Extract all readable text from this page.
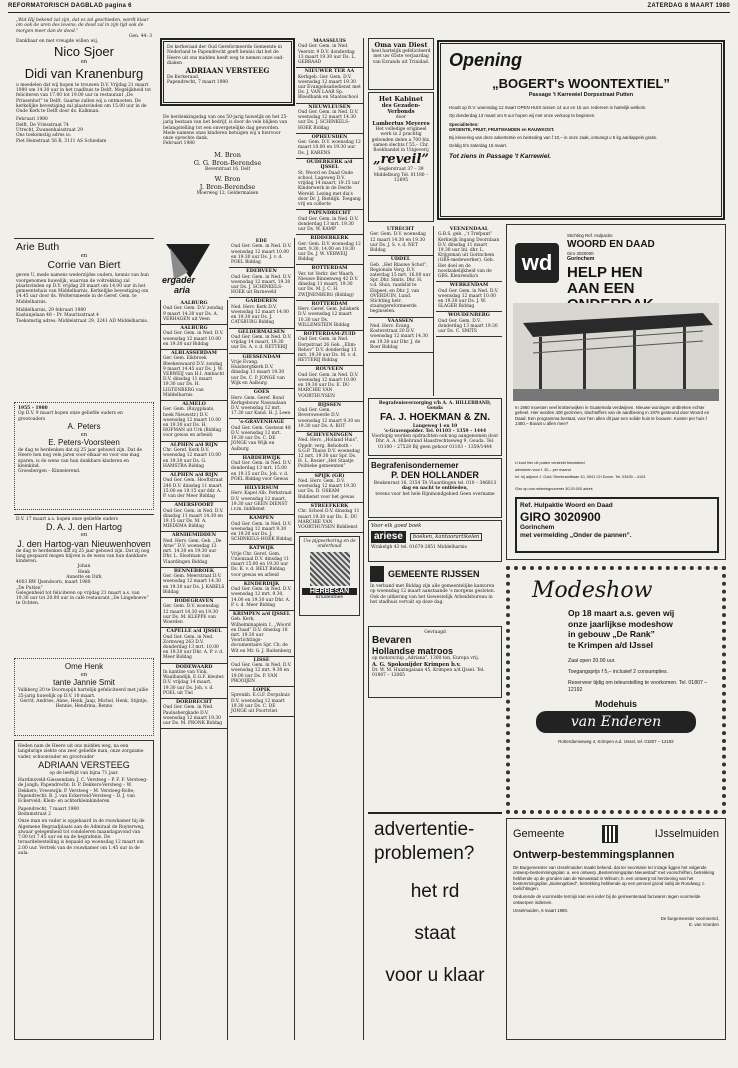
REFORMATORISCH DAGBLAD pagina 6	ZATERDAG 8 MAART 1980
„Wat Hij bekend zal zijn, dat es zal geschieden, wordt klaar om ook de uren des levens; de dood zal in zijn tijd ook de morgen meer dan de dood.”
Gen. 44: 3
Dankbaar en met vreugde willen wij,
Nico Sjoer
en
Didi van Kranenburg
u meedelen dat wij hopen te trouwen D.V. Vrijdag 21 maart 1980 om 14.30 uur in het raadhuis te Delft. Mogelijkheid tot feliciteren van 17.00 tot 19.00 uur in restaurant „De Prinsenhof” te Delft. Gaarne zullen wij u ontmoeten. De kerkelijke bevestiging zal plaatsvinden om 15.00 uur in de Oude Kerk te Delft door ds. Kalkman.
Februari 1980
Delft, De Vriesstraat 74
Utrecht, Zwanenhalsstraat 29
Ons toekomstig adres is:
Piet Heinstraat 56 B, 3111 AS Schiedam
Arie Buth
en
Corrie van Biert
geven U, mede namens wederzijdse ouders, kennis van hun voorgenomen huwelijk, waarvan de voltrekking zal plaatsvinden op D.V. vrijdag 28 maart om 14.00 uur in het gemeentehuis van Middelharnis. Kerkelijke bevestiging om 14.45 uur door ds. Woltersmeede in de Geref. Gem. te Middelharnis.
Middelharnis, 29 februari 1980
Kastanjelaan 48 – Pr. Mauritsstraat 4
Toekomstig adres: Middelstraat 29, 3241 AD Middelharnis.
1955 – 1980
Op D.V. 9 maart hopen onze geliefde ouders en grootouders
A. Peters
en
E. Peters-Voorsteen
de dag te herdenken dat zij 25 jaar gehuwd zijn. Dat de Heere hen nog vele jaren voor elkaar en voor ons mag sparen, is de wens van hun dankbare kinderen en kleinkind.
Groesbergen – Kinnelerend.
D.V. 17 maart a.s. hopen onze geliefde ouders
D. A. J. den Hartog
en
J. den Hartog-van Nieuwenhoven
de dag te herdenken dat zij 25 jaar gehuwd zijn. Dat zij nog lang gespaard mogen blijven is de wens van hun dankbare kinderen.
Johan
Henk
Annette en Dirk
4003 RW IJsendoorn, maart 1980
„De Putten”
Gelegenheid tot feliciteren op vrijdag 21 maart a.s. van 19.30 uur tot 20.00 uur in café restaurant „De Lingehoeve” te Ochten.
Ome Henk
en
tante Jannie Smit
Valkberg 20 te Doornspijk hartelijk gefeliciteerd met jullie 25-jarig huwelijk op D.V. 10 maart.
Gerrit, Andries, Anne, Henk, Jaap, Michel, Henk, Stijntje, Hennie, Hendrina, Benno
Heden nam de Heere uit ons midden weg, na een langdurige ziekte ons zeer geliefde man, onze zorgzame vader, schoonvader en grootvader
ADRIAAN VERSTEEG
op de leeftijd van bijna 71 jaar.
Hardinxveld-Giessendam: J. C. Versteeg – P. F. F. Versteeg-de Jongh; Papendrecht: D. P. Dekkers-Versteeg – W. Dekkers; Vreeswijk: P. Versteeg – M. Versteeg-Bolte; Papendrecht: B. J. van Eckerveld-Versteeg – D. J. van Eckerveld; Klein- en achterkleinkinderen
Papendrecht, 7 maart 1980
Bedumstraat 2
Onze man en vader is opgebaard in de rouwkamer bij de Algemene Begraafplaats aan de Admiraal de Ruyterweg, alwaar gelegenheid tot condoleren maandagavond van 7.00 tot 7.45 uur en na de begrafenis. De teraardebestelling is bepaald op woensdag 12 maart om 2.00 uur. Vertrek van de rouwkamer om 1.45 uur in de aula.
De kerkeraad der Oud Gereformeerde Gemeente in Nederland te Papendrecht geeft kennis dat het de Heere uit ons midden heeft weg te nemen onze oud-diaken
ADRIAAN VERSTEEG
De Kerkeraad.
Papendrecht, 7 maart 1980
De herdenkingsdag van ons 50-jarig huwelijk en het 25-jarig bestaan van het bedrijf, is door de vele blijken van belangstelling tot een onvergetelijke dag geworden. Mede namens onze kinderen betuigen wij u hiervoor onze oprechte dank.
Februari 1980
M. Bron
G. G. Bron-Berendse
Beverstraat 16, Delf
W. Bron
J. Bron-Berendse
Moerweg 12, Geldermalsen
ergader
aria
AALBURG
Oud Ger. Gem. D.V. zondag 9 maart 14.30 uur Ds. A. VERHAGEN uit Veen
AALBURG
Oud Ger. Gem. in Ned. D.V. woensdag 12 maart 10.00 en 19.30 uur Biddag
ALBLASSERDAM
Ger. Gem. Eikbroek Bleekenwaard D.V. zondag 9 maart 14.45 uur Ds. J. W. VERWEIJ van H.I. Ambacht D.V. dinsdag 11 maart 19.30 uur Ds. H. LIGTENBERG van Middelharnis
ALMELO
Ger. Gem. (Ruygplaats, hoek Nieuwstr.) D.V. woensdag 12 maart 10.00 en 19.30 uur Ds. H. HOFMAN uit Urk (Biddag voor gewas en arbeid)
ALPHEN a/d RIJN
Chr. Geref. Kerk D.V. woensdag 12 maart 10.00 en 19.30 uur Ds. G. HAMSTRA Biddag
ALPHEN a/d RIJN
Oud Ger. Gem. Hooftstraat 240 D.V. dinsdag 11 maart 15.00 en 19.15 uur ddr. A. P. van der Meer Biddag
AMERSFOORT
Oud Ger. Gem. in Ned. D.V. dinsdag 11 maart 14.30 en 19.15 uur Ds. M. A. MIEDEMA Biddag
ARNHEMIDDEN
Ned. Herv. Gem. Geb. „De Arne” D.V. woensdag 12 mrt. 14.30 en 19.30 uur Dhr. L. Slootman van Vlaardingen Biddag
BENNEBROEK
Ger. Gem. Meerstraat D.V. woensdag 12 maart 14.30 en 19.30 uur Ds. J. KARELS Biddag
BODEGRAVEN
Ger. Gem. D.V. woensdag 12 maart 14.30 en 19.30 uur Ds. M. KLEPPE van Woerden
CAPELLE a/d IJSSEL
Oud Ger. Gem. in Ned. Zormweg 263 D.V. donderdag 13 mrt. 10.00 en 19.30 uur Dhr. A. P. v. d. Meer Biddag
DODEWAARD
In kantine van Vink, Waalbandijk, E.G.F. kleuter. D.V. vrijdag 14 maart, 19.30 uur Ds. Joh. v. d. POEL uit Tiel
DORDRECHT
Oud Ger. Gem. in Ned. Paulusbergkade D.V. woensdag 12 maart 19.30 uur Ds. M. PRONK Biddag
EDE
Oud Ger. Gem. in Ned. D.V. woensdag 12 maart 10.00 en 19.30 uur Ds. J. v. d. POEL Biddag
EDERVEEN
Oud Ger. Gem. in Ned. D.V. woensdag 12 maart, 19.30 uur Ds. J. SCHINKELS-HOEK uit Barneveld
GARDEREN
Ned. Herv. Kerk D.V. woensdag 12 maart 14.00 en 19.30 uur Ds. J. CATSBURG Biddag
GELDERMALSEN
Oud Ger. Gem. in Ned. D.V. vrijdag 14 maart, 19.30 uur Ds. A. v. d. RETTERIJ
GIESSENDAM
Vrije Evang. Huisbergtkerk D.V. dinsdag 11 maart 19.30 uur Ds. C. P. JONGE van Wijk en Aalburg
GOES
Herv. Gem. Geref. Bond Kerkgebouw Nassaulaan D.V. woensdag 12 mrt. 17.30 uur Kand. H. J. Leen
’s-GRAVENHAGE
Oud Ger. Gem. Gosteun 48 D.V. woensdag 12 mrt. 19.30 uur Ds. C. DE JONGE van Wijk en Aalburg
HARDERWIJK
Oud Ger. Gem. in Ned. D.V. donderdag 13 mrt. 15.00 en 19.15 uur Ds. Joh. v. d. POEL Biddag voor Gewas
HILVERSUM
Herv. Kapel Alb. Perkstraat D.V. woensdag 12 maart, 19.30 uur GEEN DIENST i.v.m. biddienst
KAMPEN
Oud Ger. Gem. in Ned. D.V. woensdag 12 maart 9.30 en 19.30 uur Ds. J. SCHINKELS-HOEK Biddag
KATWIJK
Vrije Chr. Geref. Gem. Unionzaal D.V. dinsdag 11 maart 15.00 en 19.30 uur Ds. K. v. d. BELT Biddag voor gewas en arbeid
KINDERDIJK
Oud Ger. Gem. in Ned. D.V. woensdag 12 mrt. 9.30, 14.00 en 19.30 uur Dhr. A. P. v. d. Meer Biddag
KRIMPEN a/d IJSSEL
Geb. Kerk, Wilhelminaplein 1, „Woord en Daad” D.V. dinsdag 18 mrt. 19.30 uur Voorlichtings-documentaire Spr. Ch. de Wit en Mr. G. J. Ruitenberg
LISSE
Oud Ger. Gem. in Ned. D.V. woensdag 12 mrt. 9.30 en 19.00 uur Ds. P. VAN PROOIJEN
LOPIK
Sprenkh. E.G.F. Dorpshuis D.V. woensdag 12 maart 19.30 uur Ds. C. DE JONGE uit Poortvliet
MAASSLUIS
Oud Ger. Gem. in Ned. Veerstr. 9 D.V. donderdag 13 maart 19.30 uur Ds. L. GEBRAAD
NIEUWER TER AA
Kerkgeb. Ger. Gem. D.V. woensdag 12 maart 19.30 uur Evangelisatiedienst met Ds. J. VAN LAAR Sp. Bloedbank en Staatsschool
NIEUWLEUSEN
Oud Ger. Gem. in Ned. D.V. woensdag 12 maart 14.30 uur Ds. J. SCHINKELS-HOEK Biddag
OPHEUSDEN
Ger. Gem. D.V. woensdag 12 maart 10.00 en 19.30 uur Ds. J. KARENS
OUDERKERK a/d IJSSEL
St. Woord en Daad Oude school, Lageweg D.V. vrijdag 14 maart, 19.15 uur Kinderwerk in de Derde Wereld. Lezing met dia's door Dr. J. Rietdijk. Toegang vrij en collecte
PAPENDRECHT
Oud Ger. Gem. in Ned. D.V. donderdag 13 mrt. 19.30 uur Ds. W. KAMP
RIDDERKERK
Ger. Gem. D.V. woensdag 12 mrt. 9.30, 14.00 en 19.30 uur Ds. J. W. VERWEIJ Biddag
ROTTERDAM
Ver. tot Verkr. der Waarh. Nieuwe Binnenweg 42 D.V. dinsdag 11 maart, 19.30 uur Ds. M. J. C. H. ZWIJNENBERG (Biddag)
ROTTERDAM
Herv. Geref. Gem. Juliskerk D.V. woensdag 12 maart 10.30 uur Ds. WILLEMSTEIN Biddag
ROTTERDAM-ZUID
Oud Ger. Gem. in Ned. Dorpstraat 26 Geb. „Elim-Rehov” D.V. donderdag 13 mrt. 19.30 uur Ds. M. v. d. RETTERIJ Biddag
ROUVEEN
Oud Ger. Gem. in Ned. D.V. woensdag 12 maart 10.00 en 19.30 uur Ds. E. DU MARCHIE VAN VOORTHUYSEN
RIJSSEN
Oud Ger. Gem. Beversweerde D.V. woensdag 12 maart 9.30 en 19.30 uur Ds. A. KOT
SCHEVENINGEN
Ned. Herv. „Holland Huis”, Oppdr. verg. Rehoboth – S.G.P. Thaiss D.V. woensdag 12 mrt. 19.30 uur Spr. Ds. H. L. Rosier „Het Staatje Politieke gemeenten”
SPIJK (GR)
Ned. Herv. Gem. D.V. woensdag 12 maart 19.30 uur Ds. D. OSKAM Biddienst voor het gewas
STREEFKERK
Chr. School D.V. dinsdag 11 maart 19.30 uur Ds. E. DU MARCHIE VAN VOORTHUYSEN Biddienst
Uw pijpverkering en de onderhoud
HERBESAN
kruidenthee
Oma van Diest
heel hartelijk gefeliciteerd met uw 65ste verjaardag van Ezrands uit Trinidad.
Het Kabinet
des Gezaden-Verbonds
door
Lambertus Meyeres
Het volledige origineel werk in 2 prachtig gebonden delen a 700 blz. samen slechts f 55,– Chr. Boekhandel in Uitgeverij
„reveil”
Seglerstraat 37 – 39 Middelburg Tel. 01180 – 12695
UTRECHT
Ger. Gem. D.V. woensdag 12 maart 14.30 en 19.30 uur Ds. J. S. v. d. NET Biddag
UDDEL
Geb. „Het Blauwe Schot”, Regionale Verg. D.V. zaterdag 15 mrt. 16.00 uur Spr. Dhr. Smits, Dhr. H. v.d. Sluis, raadslid te Elspeet, en Dhr. J. van OVERDUIN, Lund. Stichting betr. staatsgereformeerde beginselen.
VAASSEN
Ned. Herv. Evang. Kosterstraat 20 D.V. woensdag 12 maart 14.30 en 19.30 uur Dhr. J. de Boer Biddag
VEENENDAAL
G.B.S. geb. „'t Trefpunt” Kerkwijk Ingang Doornlaan D.V. dinsdag 11 maart 19.30 uur Inl. dhr. L. Krijgsman uit Gorinchem (GBS-medewerker). Geb. Het doel en de noodzakelijkheid van de GBS. Kleurendia's
WERKENDAM
Oud Ger. Gem. in Ned. D.V. woensdag 12 maart 10.00 en 19.30 uur Ds. J. W. SLAGER Biddag
WOUDENBERG
Oud Ger. Gem. D.V. donderdag 13 maart 19.30 uur Ds. C. SMITS
Begrafenisverzorging v/h A. A. HILLEBRAND, Gouda
FA. J. HOEKMAN & ZN.
Langeweg 1 en 10
's-Gravenpolder. Tel. 01103 – 1359 – 1444
Voorlopig worden opdrachten ook nog aangenomen door Dhr. A. A. Hillebrand Haastrechtseweg 9, Gouda. Tel. 01100 – 27528 Bij geen gehoor 01103 – 1359/1444
Begrafenisondernemer
P. DEN HOLLANDER
Beukenrust 16, 3154 TA Vlaardingen tel. 010 – 346813
dag en nacht te ontbieden,
tevens voor het hele Rijnmondgebied Geen overname
Voor elk goed boek
ariese	boeken, kantoorartikelen
Wrakelgh 43 tel. 01670-2851 Middelharnis
GEMEENTE RIJSSEN
In verband met Biddag zijn alle gemeentelijke kantoren op woensdag 12 maart aanstaande 's morgens gesloten. Ook de uitkering van het Gewestelijk Arbeidsbureau in het stadhuis vervalt op deze dag.
Gevraagd
Bevaren
Hollandse matroos
op motorschip „Adriana”, 1300 ton, Europa vrij.
A. G. Spoksnijder Krimpen b.v.
Dr. W. M. Huizingalaan 45, Krimpen a/d IJssel. Tel. 01807 – 12065
advertentie-
problemen?
het rd
staat
voor u klaar
Opening
„BOGERT's WOONTEXTIEL”
Passage 't Karrewiel Dorpsstraat Putten
Houdt op D.V. woensdag 12 maart OPEN HUIS tussen 14 uur en 15 uur. Iedereen is hartelijk welkom.
Op donderdag 13 maart om 9 uur hopen wij met onze verkoop te beginnen.
Specialiteiten:
GROENTE, FRUIT, FRUITMANDEN en RAUWKOST.
Bij inlevering van deze advertentie en besteding van f 10,– in onze zaak, ontvangt u 5 kg aardappels gratis.
Geldig t/m zaterdag 15 maart.
Tot ziens in Passage 't Karrewiel.
wd
Stichting Ref. Hulpactie
WOORD EN DAAD
Giro 3020000
Gorinchem
HELP HEN
AAN EEN
In 1960 moesten veel krottenwijken in Guatemala verdwijnen. Nieuwe woningen ontbreken echter geheel. Hier worden 400 gezinnen, slachtoffers van de aardbeving in 1976 gesteund door Woord en Daad. Een programma bestaat, voor hen allen dit jaar een solide huis te bouwen. Kosten per huis f 1450,– Bouwt u allen mee?
U kunt hier uit praten verstrekt friendsbed
adviseren voor f. 30,– per maand
Inl. bij adjunct J. Gold. Rembrandtlaan 10, 3941 CH Doorn. Tel. 03430 – 4103
Giro op ons rekeningnummer 30.20.000 adres
Ref. Hulpaktie Woord en Daad
GIRO 3020900
Gorinchem
met vermelding „Onder de pannen”.
Modeshow
Op 18 maart a.s. geven wij
onze jaarlijkse modeshow
in gebouw „De Rank”
te Krimpen a/d IJssel
Zaal open 20.00 uur.
Toegangsprijs f 5,– inclusief 2 consumpties.
Reserveer tijdig om teleurstelling te voorkomen. Tel. 01807 – 12192
Modehuis
van Enderen
Rotterdamseweg 4, Krimpen a.d. IJssel, tel. 01807 – 12192
Gemeente	IJsselmuiden
Ontwerp-bestemmingsplannen
De Burgemeester van IJsselmuiden maakt bekend, dat ter secretarie ter inzage liggen het volgende ontwerp-bestemmingsplan: a. een ontwerp „Bestemmingsplan Nieuwstad” met voorschriften, betrekking hebbende op de gronden aan de Nieuwstad in Wilsum; b. een ontwerp tot herziening van het bestemmingsplan „Buitengebied”, betrekking hebbende op een perceel grond nabij de Rondweg; c. toelichtingen.
Gedurende de voormelde termijn kan een ieder bij de gemeenteraad bezwaren tegen voormelde ontwerpen indienen.
IJsselmuiden, 6 maart 1980.
De burgemeester voornoemd,
E. van Voorden
